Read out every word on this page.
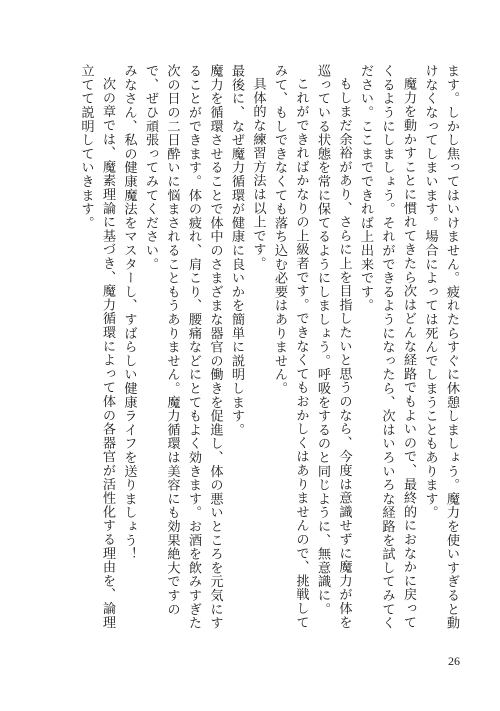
ます。しかし焦ってはいけません。疲れたらすぐに休憩しましょう。魔力を使いすぎると動けなくなってしまいます。場合によっては死んでしまうこともあります。

魔力を動かすことに慣れてきたら次はどんな経路でもよいので、最終的におなかに戻ってくるようにしましょう。それができるようになったら、次はいろいろな経路を試してみてください。ここまでできれば上出来です。

もしまだ余裕があり、さらに上を目指したいと思うのなら、今度は意識せずに魔力が体を巡っている状態を常に保てるようにしましょう。呼吸をするのと同じように、無意識に。

これができればかなりの上級者です。できなくてもおかしくはありませんので、挑戦してみて、もしできなくても落ち込む必要はありません。

具体的な練習方法は以上です。

最後に、なぜ魔力循環が健康に良いかを簡単に説明します。

魔力を循環させることで体中のさまざまな器官の働きを促進し、体の悪いところを元気にすることができます。体の疲れ、肩こり、腰痛などにとてもよく効きます。お酒を飲みすぎた次の日の二日酔いに悩まされることもうありません。魔力循環は美容にも効果絶大ですので、ぜひ頑張ってみてください。

みなさん、私の健康魔法をマスターし、すばらしい健康ライフを送りましょう！

次の章では、魔素理論に基づき、魔力循環によって体の各器官が活性化する理由を、論理立てて説明していきます。

26
